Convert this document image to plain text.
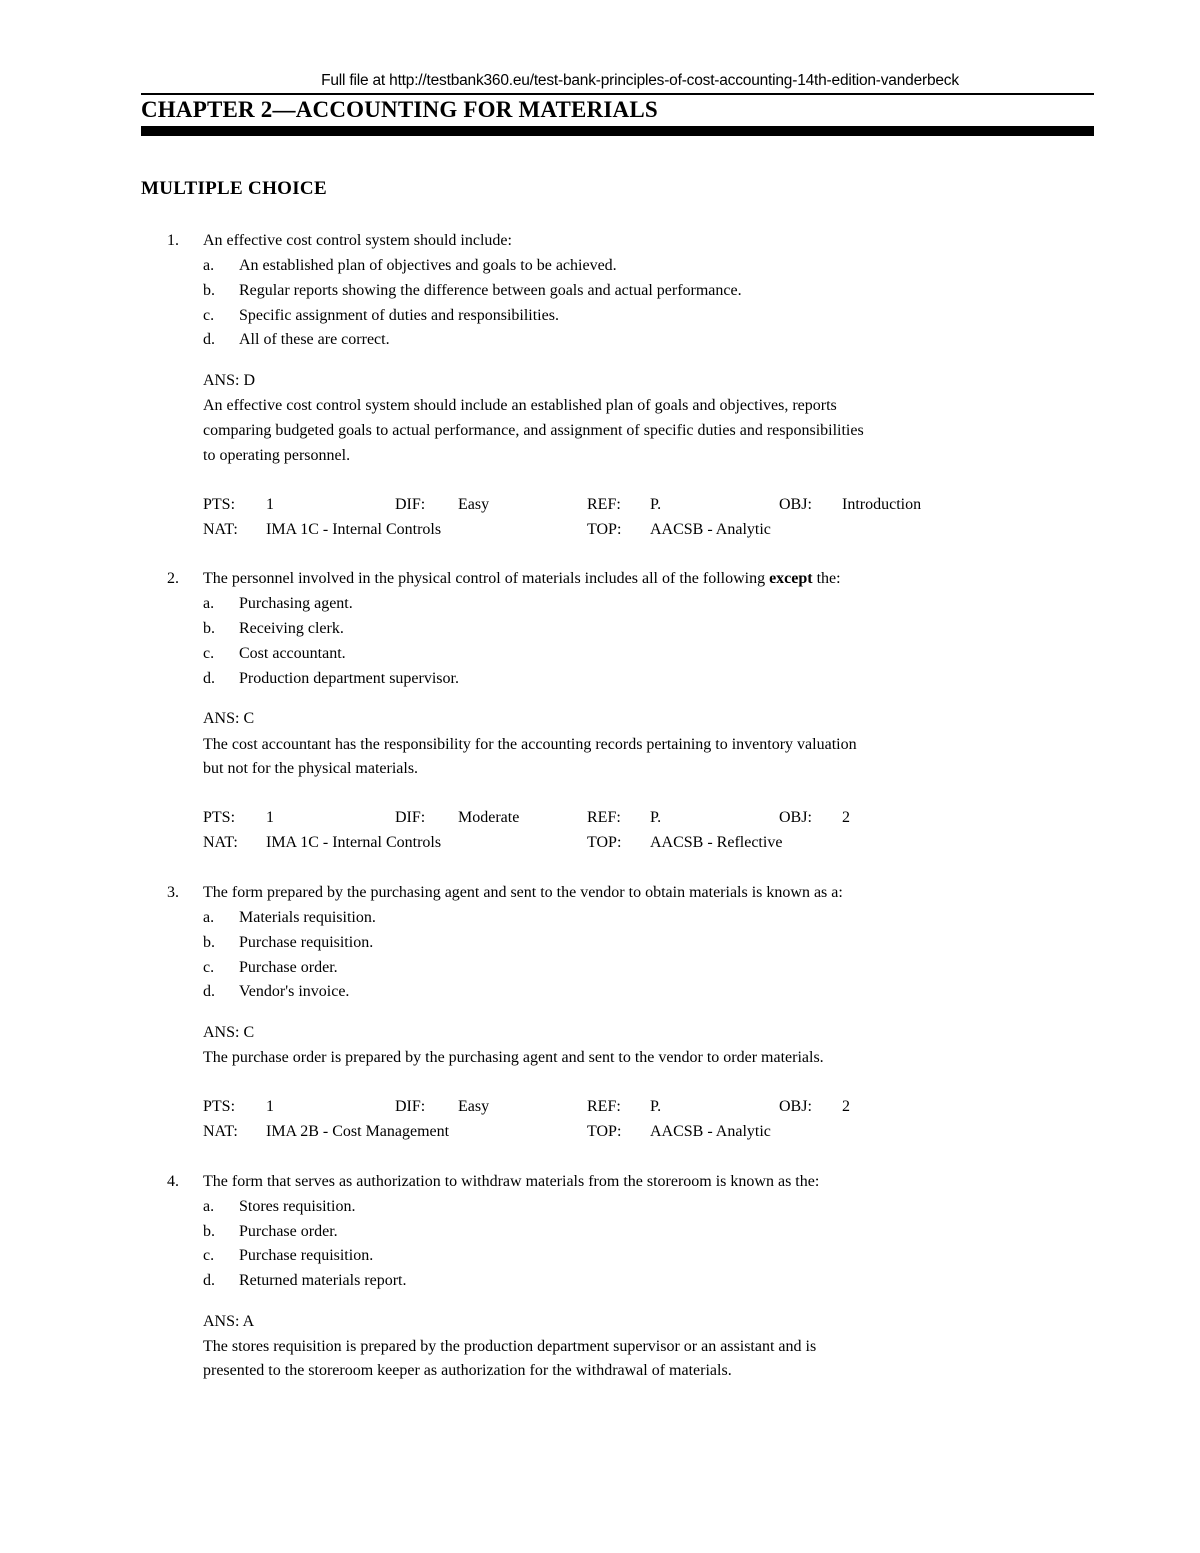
Full file at http://testbank360.eu/test-bank-principles-of-cost-accounting-14th-edition-vanderbeck
CHAPTER 2—ACCOUNTING FOR MATERIALS
MULTIPLE CHOICE
1. An effective cost control system should include:
a. An established plan of objectives and goals to be achieved.
b. Regular reports showing the difference between goals and actual performance.
c. Specific assignment of duties and responsibilities.
d. All of these are correct.
ANS: D
An effective cost control system should include an established plan of goals and objectives, reports
comparing budgeted goals to actual performance, and assignment of specific duties and responsibilities
to operating personnel.
PTS: 1	DIF: Easy	REF: P.	OBJ: Introduction
NAT: IMA 1C - Internal Controls	TOP: AACSB - Analytic
2. The personnel involved in the physical control of materials includes all of the following except the:
a. Purchasing agent.
b. Receiving clerk.
c. Cost accountant.
d. Production department supervisor.
ANS: C
The cost accountant has the responsibility for the accounting records pertaining to inventory valuation
but not for the physical materials.
PTS: 1	DIF: Moderate	REF: P.	OBJ: 2
NAT: IMA 1C - Internal Controls	TOP: AACSB - Reflective
3. The form prepared by the purchasing agent and sent to the vendor to obtain materials is known as a:
a. Materials requisition.
b. Purchase requisition.
c. Purchase order.
d. Vendor's invoice.
ANS: C
The purchase order is prepared by the purchasing agent and sent to the vendor to order materials.
PTS: 1	DIF: Easy	REF: P.	OBJ: 2
NAT: IMA 2B - Cost Management	TOP: AACSB - Analytic
4. The form that serves as authorization to withdraw materials from the storeroom is known as the:
a. Stores requisition.
b. Purchase order.
c. Purchase requisition.
d. Returned materials report.
ANS: A
The stores requisition is prepared by the production department supervisor or an assistant and is
presented to the storeroom keeper as authorization for the withdrawal of materials.
